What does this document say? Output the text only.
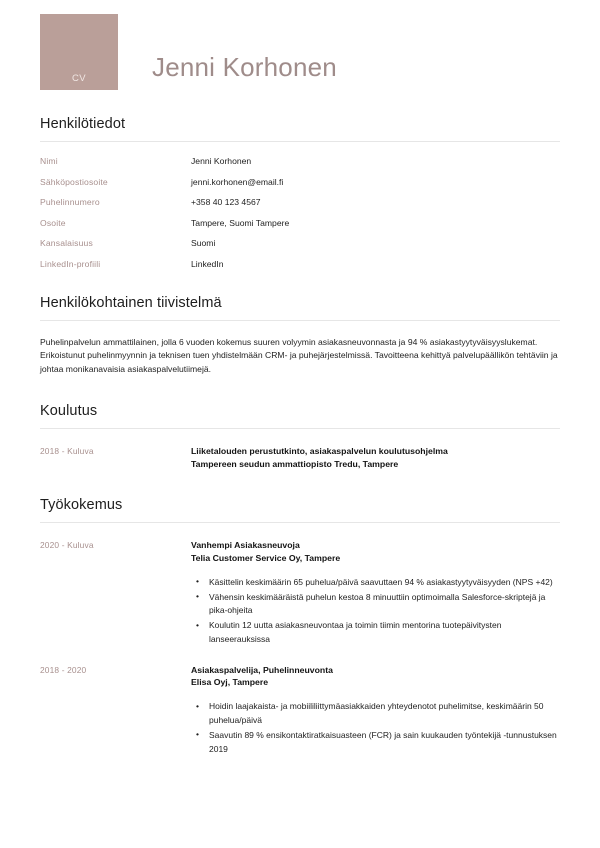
CV	Jenni Korhonen
Henkilötiedot
Nimi	Jenni Korhonen
Sähköpostiosoite	jenni.korhonen@email.fi
Puhelinnumero	+358 40 123 4567
Osoite	Tampere, Suomi Tampere
Kansalaisuus	Suomi
LinkedIn-profiili	LinkedIn
Henkilökohtainen tiivistelmä
Puhelinpalvelun ammattilainen, jolla 6 vuoden kokemus suuren volyymin asiakasneuvonnasta ja 94 % asiakastyytyväisyyslukemat. Erikoistunut puhelinmyynnin ja teknisen tuen yhdistelmään CRM- ja puhejärjestelmissä. Tavoitteena kehittyä palvelupäällikön tehtäviin ja johtaa monikanavaisia asiakaspalvelutiimejä.
Koulutus
2018 - Kuluva	Liiketalouden perustutkinto, asiakaspalvelun koulutusohjelma
Tampereen seudun ammattiopisto Tredu, Tampere
Työkokemus
2020 - Kuluva	Vanhempi Asiakasneuvoja
Telia Customer Service Oy, Tampere
• Käsittelin keskimäärin 65 puhelua/päivä saavuttaen 94 % asiakastyytyväisyyden (NPS +42)
• Vähensin keskimääräistä puhelun kestoa 8 minuuttiin optimoimalla Salesforce-skriptejä ja pika-ohjeita
• Koulutin 12 uutta asiakasneuvontaa ja toimin tiimin mentorina tuotepäivitysten lanseerauksissa
2018 - 2020	Asiakaspalvelija, Puhelinneuvonta
Elisa Oyj, Tampere
• Hoidin laajakaista- ja mobiililiittymäasiakkaiden yhteydenotot puhelimitse, keskimäärin 50 puhelua/päivä
• Saavutin 89 % ensikontaktiratkaisuasteen (FCR) ja sain kuukauden työntekijä -tunnustuksen 2019
